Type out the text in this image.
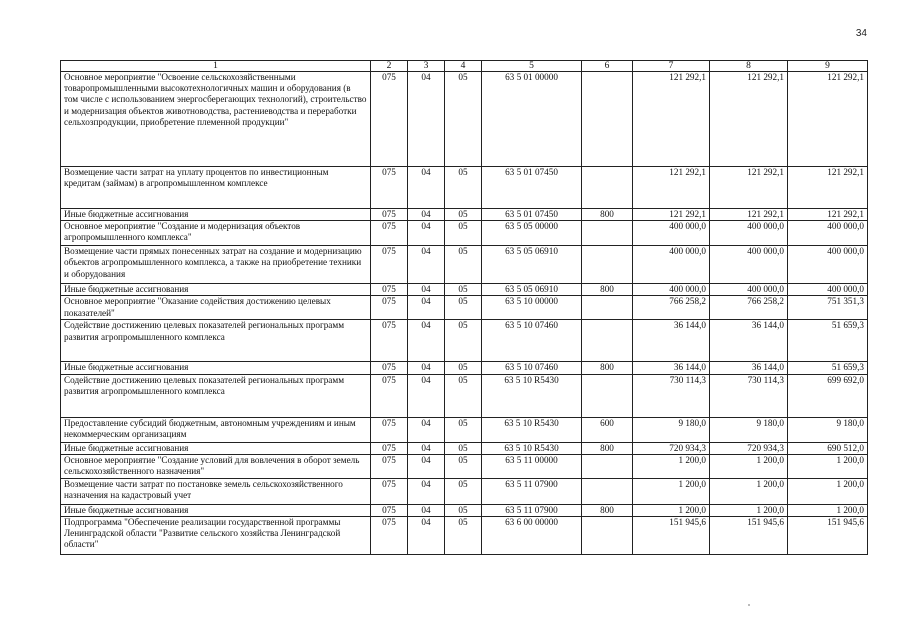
34
1	2	3	4	5	6	7	8	9
Основное мероприятие "Освоение сельскохозяйственными товаропромышленными высокотехнологичных машин и оборудования (в том числе с использованием энергосберегающих технологий), строительство и модернизация объектов животноводства, растениеводства и переработки сельхозпродукции, приобретение племенной продукции"	075	04	05	63 5 01 00000		121 292,1	121 292,1	121 292,1
Возмещение части затрат на уплату процентов по инвестиционным кредитам (займам) в агропромышленном комплексе	075	04	05	63 5 01 07450		121 292,1	121 292,1	121 292,1
Иные бюджетные ассигнования	075	04	05	63 5 01 07450	800	121 292,1	121 292,1	121 292,1
Основное мероприятие "Создание и модернизация объектов агропромышленного комплекса"	075	04	05	63 5 05 00000		400 000,0	400 000,0	400 000,0
Возмещение части прямых понесенных затрат на создание и модернизацию объектов агропромышленного комплекса, а также на приобретение техники и оборудования	075	04	05	63 5 05 06910		400 000,0	400 000,0	400 000,0
Иные бюджетные ассигнования	075	04	05	63 5 05 06910	800	400 000,0	400 000,0	400 000,0
Основное мероприятие "Оказание содействия достижению целевых показателей"	075	04	05	63 5 10 00000		766 258,2	766 258,2	751 351,3
Содействие достижению целевых показателей региональных программ развития агропромышленного комплекса	075	04	05	63 5 10 07460		36 144,0	36 144,0	51 659,3
Иные бюджетные ассигнования	075	04	05	63 5 10 07460	800	36 144,0	36 144,0	51 659,3
Содействие достижению целевых показателей региональных программ развития агропромышленного комплекса	075	04	05	63 5 10 R5430		730 114,3	730 114,3	699 692,0
Предоставление субсидий бюджетным, автономным учреждениям и иным некоммерческим организациям	075	04	05	63 5 10 R5430	600	9 180,0	9 180,0	9 180,0
Иные бюджетные ассигнования	075	04	05	63 5 10 R5430	800	720 934,3	720 934,3	690 512,0
Основное мероприятие "Создание условий для вовлечения в оборот земель сельскохозяйственного назначения"	075	04	05	63 5 11 00000		1 200,0	1 200,0	1 200,0
Возмещение части затрат по постановке земель сельскохозяйственного назначения на кадастровый учет	075	04	05	63 5 11 07900		1 200,0	1 200,0	1 200,0
Иные бюджетные ассигнования	075	04	05	63 5 11 07900	800	1 200,0	1 200,0	1 200,0
Подпрограмма "Обеспечение реализации государственной программы Ленинградской области "Развитие сельского хозяйства Ленинградской области"	075	04	05	63 6 00 00000		151 945,6	151 945,6	151 945,6
